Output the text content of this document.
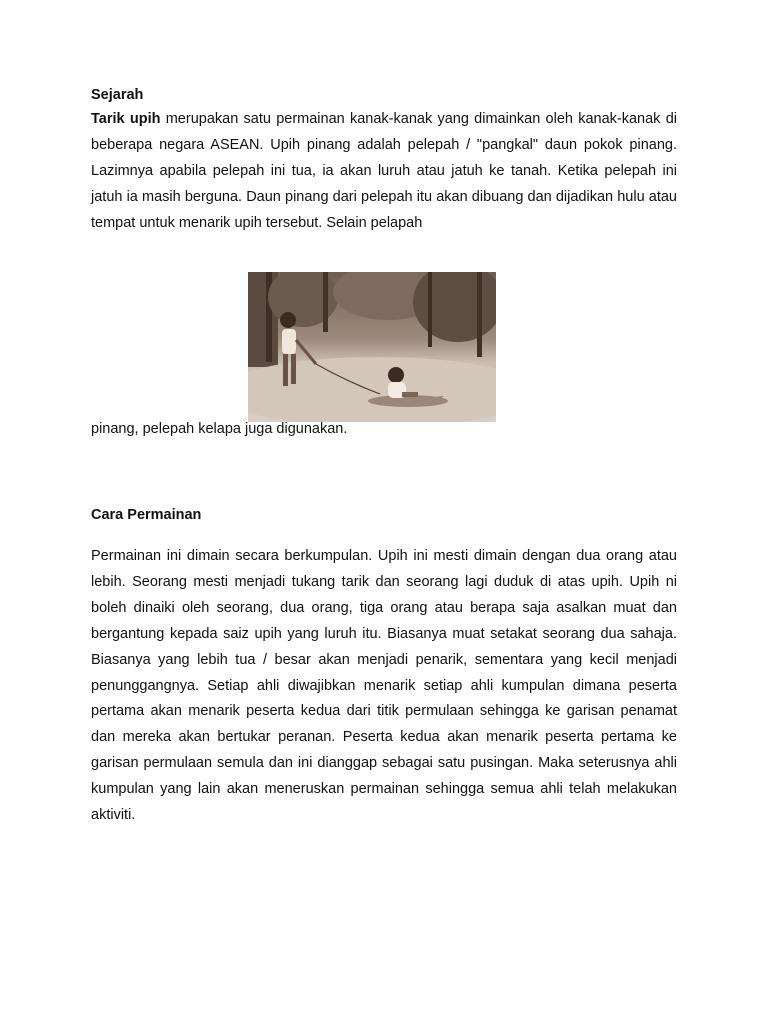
Sejarah

Tarik upih merupakan satu permainan kanak-kanak yang dimainkan oleh kanak-kanak di beberapa negara ASEAN. Upih pinang adalah pelepah / "pangkal" daun pokok pinang. Lazimnya apabila pelepah ini tua, ia akan luruh atau jatuh ke tanah. Ketika pelepah ini jatuh ia masih berguna. Daun pinang dari pelepah itu akan dibuang dan dijadikan hulu atau tempat untuk menarik upih tersebut. Selain pelapah

pinang, pelepah kelapa juga digunakan.

Cara Permainan

Permainan ini dimain secara berkumpulan. Upih ini mesti dimain dengan dua orang atau lebih. Seorang mesti menjadi tukang tarik dan seorang lagi duduk di atas upih. Upih ni boleh dinaiki oleh seorang, dua orang, tiga orang atau berapa saja asalkan muat dan bergantung kepada saiz upih yang luruh itu. Biasanya muat setakat seorang dua sahaja. Biasanya yang lebih tua / besar akan menjadi penarik, sementara yang kecil menjadi penunggangnya. Setiap ahli diwajibkan menarik setiap ahli kumpulan dimana peserta pertama akan menarik peserta kedua dari titik permulaan sehingga ke garisan penamat dan mereka akan bertukar peranan. Peserta kedua akan menarik peserta pertama ke garisan permulaan semula dan ini dianggap sebagai satu pusingan. Maka seterusnya ahli kumpulan yang lain akan meneruskan permainan sehingga semua ahli telah melakukan aktiviti.
